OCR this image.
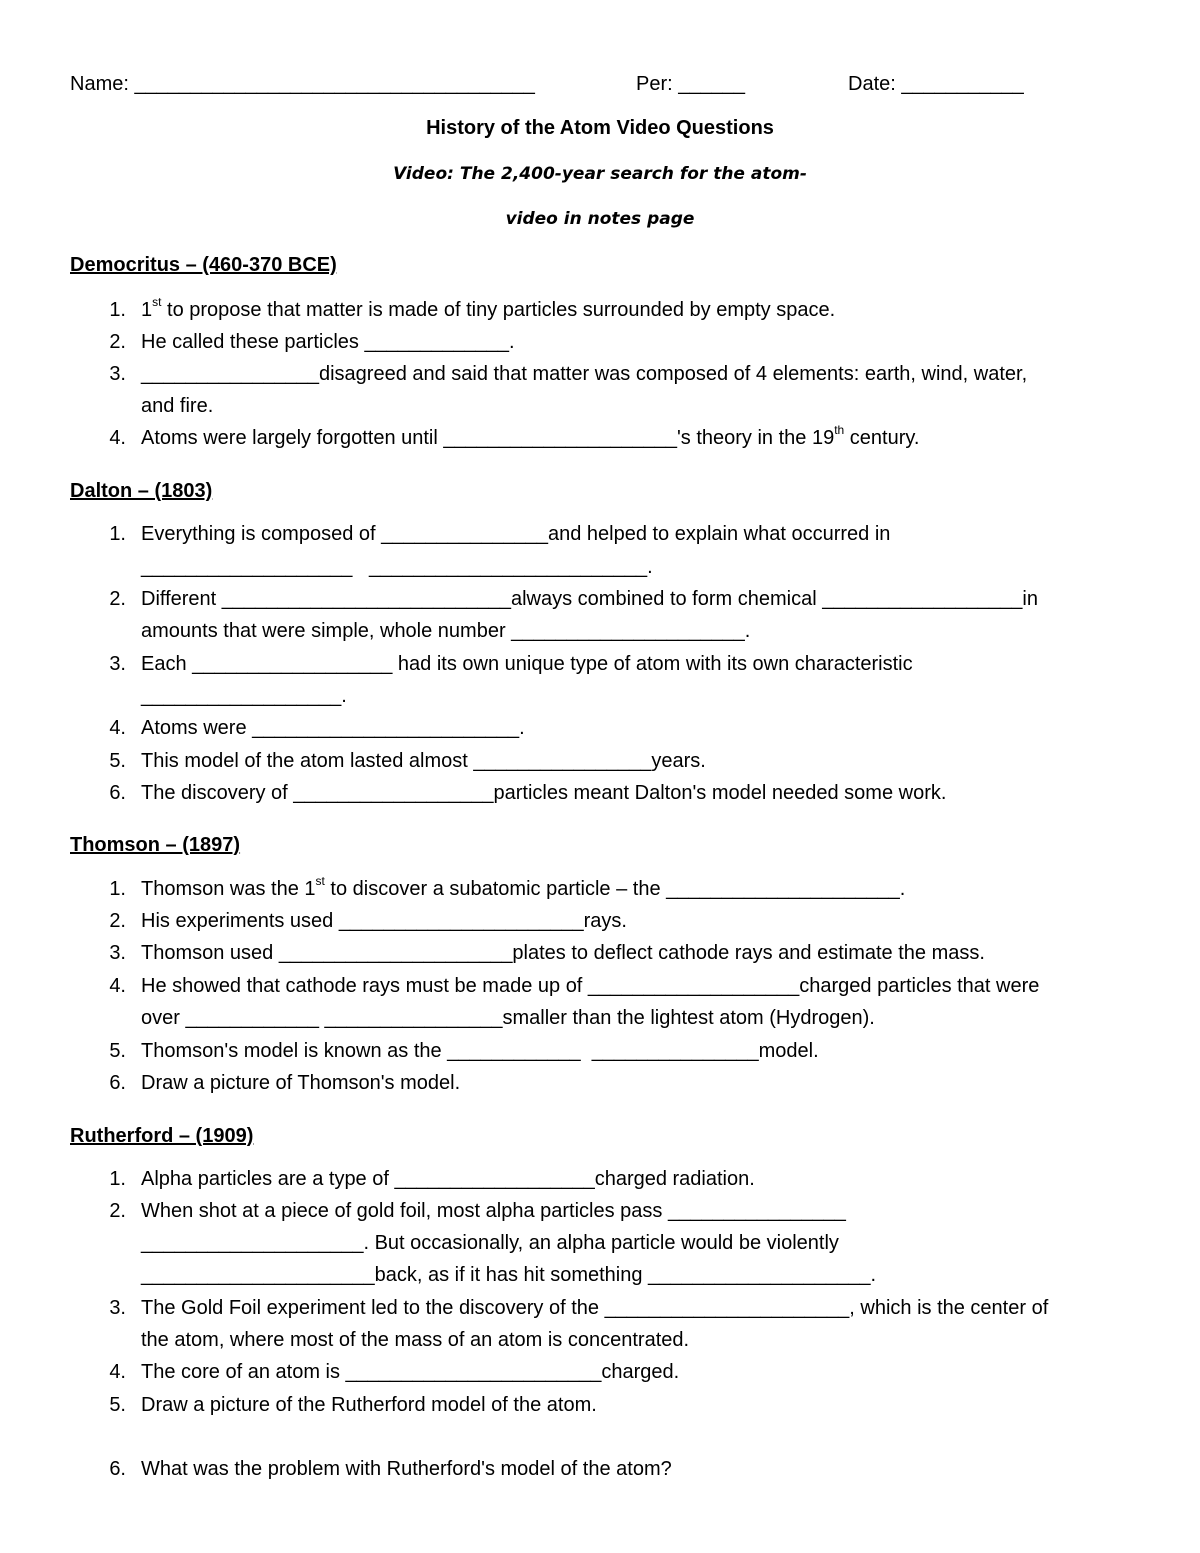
Name: ____________________________________	Per: ______	Date: ___________
History of the Atom Video Questions
Video: The 2,400-year search for the atom-
video in notes page
Democritus – (460-370 BCE)
1. 1st to propose that matter is made of tiny particles surrounded by empty space.
2. He called these particles _____________.
3. ________________disagreed and said that matter was composed of 4 elements: earth, wind, water,
and fire.
4. Atoms were largely forgotten until _____________________'s theory in the 19th century.
Dalton – (1803)
1. Everything is composed of _______________and helped to explain what occurred in
___________________   _________________________.
2. Different __________________________always combined to form chemical __________________in
amounts that were simple, whole number _____________________.
3. Each __________________ had its own unique type of atom with its own characteristic
__________________.
4. Atoms were ________________________.
5. This model of the atom lasted almost ________________years.
6. The discovery of __________________particles meant Dalton's model needed some work.
Thomson – (1897)
1. Thomson was the 1st to discover a subatomic particle – the _____________________.
2. His experiments used ______________________rays.
3. Thomson used _____________________plates to deflect cathode rays and estimate the mass.
4. He showed that cathode rays must be made up of ___________________charged particles that were
over ____________ ________________smaller than the lightest atom (Hydrogen).
5. Thomson's model is known as the ____________  _______________model.
6. Draw a picture of Thomson's model.
Rutherford – (1909)
1. Alpha particles are a type of __________________charged radiation.
2. When shot at a piece of gold foil, most alpha particles pass ________________
____________________. But occasionally, an alpha particle would be violently
_____________________back, as if it has hit something ____________________.
3. The Gold Foil experiment led to the discovery of the ______________________, which is the center of
the atom, where most of the mass of an atom is concentrated.
4. The core of an atom is _______________________charged.
5. Draw a picture of the Rutherford model of the atom.
6. What was the problem with Rutherford's model of the atom?
